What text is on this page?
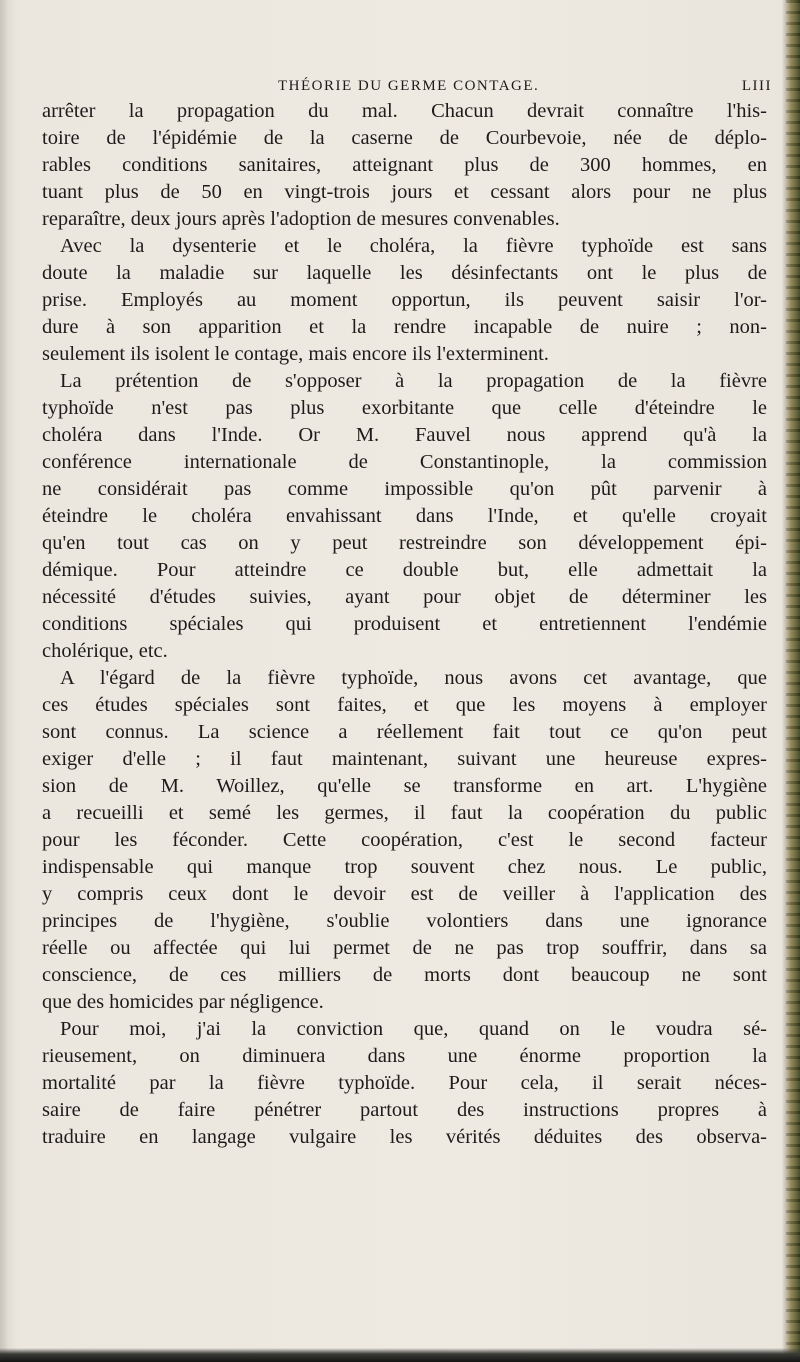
THÉORIE DU GERME CONTAGE.	LIII
arrêter la propagation du mal. Chacun devrait connaître l'his-
toire de l'épidémie de la caserne de Courbevoie, née de déplo-
rables conditions sanitaires, atteignant plus de 300 hommes, en
tuant plus de 50 en vingt-trois jours et cessant alors pour ne plus
reparaître, deux jours après l'adoption de mesures convenables.
Avec la dysenterie et le choléra, la fièvre typhoïde est sans
doute la maladie sur laquelle les désinfectants ont le plus de
prise. Employés au moment opportun, ils peuvent saisir l'or-
dure à son apparition et la rendre incapable de nuire ; non-
seulement ils isolent le contage, mais encore ils l'exterminent.
La prétention de s'opposer à la propagation de la fièvre
typhoïde n'est pas plus exorbitante que celle d'éteindre le
choléra dans l'Inde. Or M. Fauvel nous apprend qu'à la
conférence internationale de Constantinople, la commission
ne considérait pas comme impossible qu'on pût parvenir à
éteindre le choléra envahissant dans l'Inde, et qu'elle croyait
qu'en tout cas on y peut restreindre son développement épi-
démique. Pour atteindre ce double but, elle admettait la
nécessité d'études suivies, ayant pour objet de déterminer les
conditions spéciales qui produisent et entretiennent l'endémie
cholérique, etc.
A l'égard de la fièvre typhoïde, nous avons cet avantage, que
ces études spéciales sont faites, et que les moyens à employer
sont connus. La science a réellement fait tout ce qu'on peut
exiger d'elle ; il faut maintenant, suivant une heureuse expres-
sion de M. Woillez, qu'elle se transforme en art. L'hygiène
a recueilli et semé les germes, il faut la coopération du public
pour les féconder. Cette coopération, c'est le second facteur
indispensable qui manque trop souvent chez nous. Le public,
y compris ceux dont le devoir est de veiller à l'application des
principes de l'hygiène, s'oublie volontiers dans une ignorance
réelle ou affectée qui lui permet de ne pas trop souffrir, dans sa
conscience, de ces milliers de morts dont beaucoup ne sont
que des homicides par négligence.
Pour moi, j'ai la conviction que, quand on le voudra sé-
rieusement, on diminuera dans une énorme proportion la
mortalité par la fièvre typhoïde. Pour cela, il serait néces-
saire de faire pénétrer partout des instructions propres à
traduire en langage vulgaire les vérités déduites des observa-
